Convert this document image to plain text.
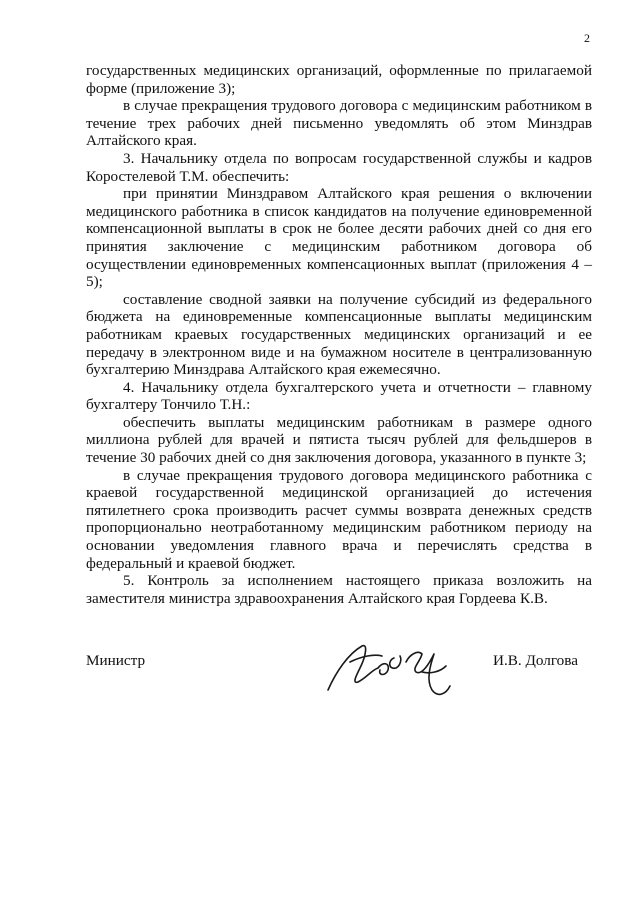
2

государственных медицинских организаций, оформленные по прилагаемой форме (приложение 3);

в случае прекращения трудового договора с медицинским работником в течение трех рабочих дней письменно уведомлять об этом Минздрав Алтайского края.

3. Начальнику отдела по вопросам государственной службы и кадров Коростелевой Т.М. обеспечить:

при принятии Минздравом Алтайского края решения о включении медицинского работника в список кандидатов на получение единовременной компенсационной выплаты в срок не более десяти рабочих дней со дня его принятия заключение с медицинским работником договора об осуществлении единовременных компенсационных выплат (приложения 4 – 5);

составление сводной заявки на получение субсидий из федерального бюджета на единовременные компенсационные выплаты медицинским работникам краевых государственных медицинских организаций и ее передачу в электронном виде и на бумажном носителе в централизованную бухгалтерию Минздрава Алтайского края ежемесячно.

4. Начальнику отдела бухгалтерского учета и отчетности – главному бухгалтеру Тончило Т.Н.:

обеспечить выплаты медицинским работникам в размере одного миллиона рублей для врачей и пятиста тысяч рублей для фельдшеров в течение 30 рабочих дней со дня заключения договора, указанного в пункте 3;

в случае прекращения трудового договора медицинского работника с краевой государственной медицинской организацией до истечения пятилетнего срока производить расчет суммы возврата денежных средств пропорционально неотработанному медицинским работником периоду на основании уведомления главного врача и перечислять средства в федеральный и краевой бюджет.

5. Контроль за исполнением настоящего приказа возложить на заместителя министра здравоохранения Алтайского края Гордеева К.В.

Министр	И.В. Долгова
